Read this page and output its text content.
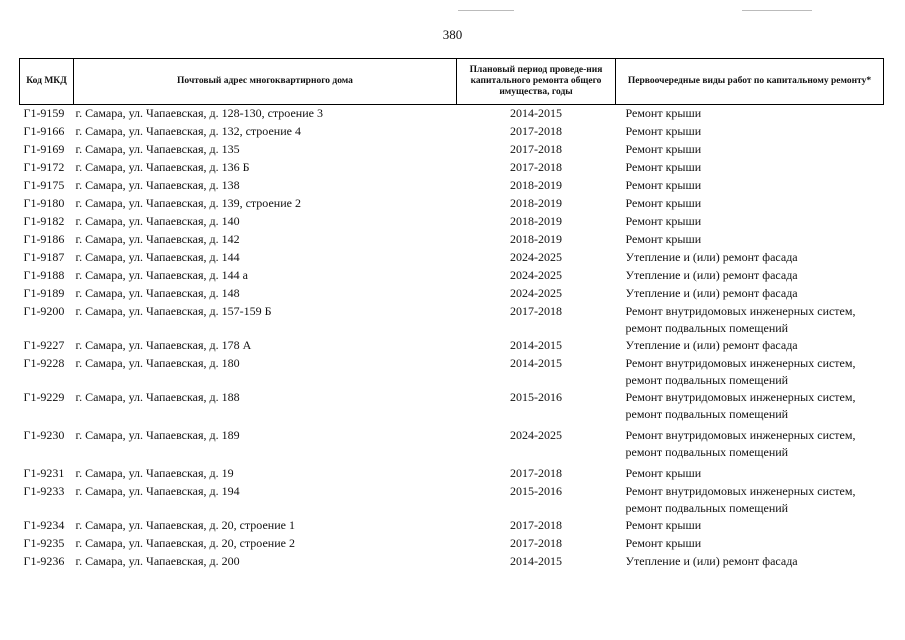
380
Код МКД	Почтовый адрес многоквартирного дома	Плановый период проведе-ния капитального ремонта общего имущества, годы	Первоочередные виды работ по капитальному ремонту*
Г1-9159	г. Самара, ул. Чапаевская, д. 128-130, строение 3	2014-2015	Ремонт крыши

Г1-9166	г. Самара, ул. Чапаевская, д. 132, строение 4	2017-2018	Ремонт крыши

Г1-9169	г. Самара, ул. Чапаевская, д. 135	2017-2018	Ремонт крыши

Г1-9172	г. Самара, ул. Чапаевская, д. 136 Б	2017-2018	Ремонт крыши

Г1-9175	г. Самара, ул. Чапаевская, д. 138	2018-2019	Ремонт крыши

Г1-9180	г. Самара, ул. Чапаевская, д. 139, строение 2	2018-2019	Ремонт крыши

Г1-9182	г. Самара, ул. Чапаевская, д. 140	2018-2019	Ремонт крыши

Г1-9186	г. Самара, ул. Чапаевская, д. 142	2018-2019	Ремонт крыши

Г1-9187	г. Самара, ул. Чапаевская, д. 144	2024-2025	Утепление и (или) ремонт фасада

Г1-9188	г. Самара, ул. Чапаевская, д. 144 а	2024-2025	Утепление и (или) ремонт фасада

Г1-9189	г. Самара, ул. Чапаевская, д. 148	2024-2025	Утепление и (или) ремонт фасада

Г1-9200	г. Самара, ул. Чапаевская, д. 157-159 Б	2017-2018	Ремонт внутридомовых инженерных систем,
ремонт подвальных помещений

Г1-9227	г. Самара, ул. Чапаевская, д. 178 А	2014-2015	Утепление и (или) ремонт фасада

Г1-9228	г. Самара, ул. Чапаевская, д. 180	2014-2015	Ремонт внутридомовых инженерных систем,
ремонт подвальных помещений

Г1-9229	г. Самара, ул. Чапаевская, д. 188	2015-2016	Ремонт внутридомовых инженерных систем,
ремонт подвальных помещений

Г1-9230	г. Самара, ул. Чапаевская, д. 189	2024-2025	Ремонт внутридомовых инженерных систем,
ремонт подвальных помещений

Г1-9231	г. Самара, ул. Чапаевская, д. 19	2017-2018	Ремонт крыши

Г1-9233	г. Самара, ул. Чапаевская, д. 194	2015-2016	Ремонт внутридомовых инженерных систем,
ремонт подвальных помещений

Г1-9234	г. Самара, ул. Чапаевская, д. 20, строение 1	2017-2018	Ремонт крыши

Г1-9235	г. Самара, ул. Чапаевская, д. 20, строение 2	2017-2018	Ремонт крыши

Г1-9236	г. Самара, ул. Чапаевская, д. 200	2014-2015	Утепление и (или) ремонт фасада
